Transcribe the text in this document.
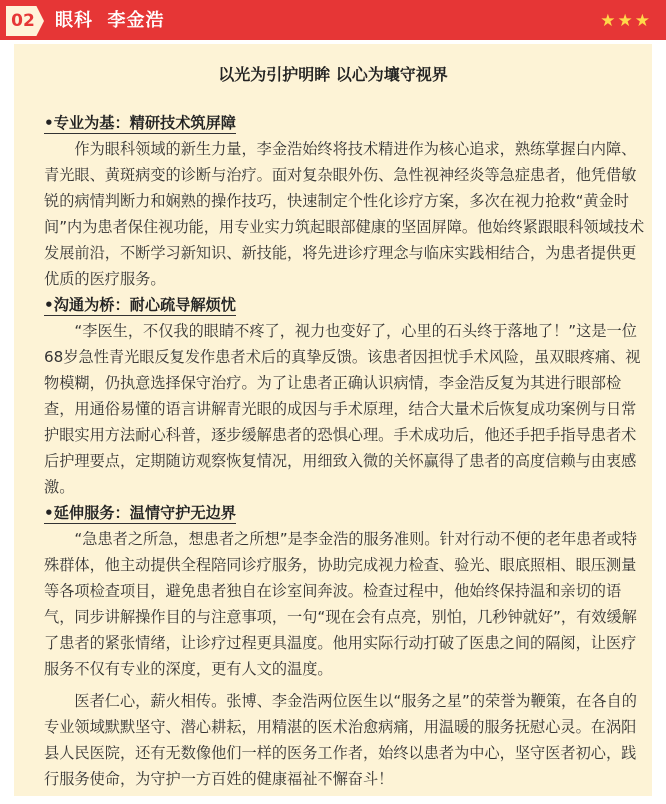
02 眼科  李金浩	★★★
以光为引护明眸 以心为壤守视界

•专业为基：精研技术筑屏障

作为眼科领域的新生力量，李金浩始终将技术精进作为核心追求，熟练掌握白内障、青光眼、黄斑病变的诊断与治疗。面对复杂眼外伤、急性视神经炎等急症患者，他凭借敏锐的病情判断力和娴熟的操作技巧，快速制定个性化诊疗方案，多次在视力抢救“黄金时间”内为患者保住视功能，用专业实力筑起眼部健康的坚固屏障。他始终紧跟眼科领域技术发展前沿，不断学习新知识、新技能，将先进诊疗理念与临床实践相结合，为患者提供更优质的医疗服务。

•沟通为桥：耐心疏导解烦忧

“李医生，不仅我的眼睛不疼了，视力也变好了，心里的石头终于落地了！”这是一位68岁急性青光眼反复发作患者术后的真挚反馈。该患者因担忧手术风险，虽双眼疼痛、视物模糊，仍执意选择保守治疗。为了让患者正确认识病情，李金浩反复为其进行眼部检查，用通俗易懂的语言讲解青光眼的成因与手术原理，结合大量术后恢复成功案例与日常护眼实用方法耐心科普，逐步缓解患者的恐惧心理。手术成功后，他还手把手指导患者术后护理要点，定期随访观察恢复情况，用细致入微的关怀赢得了患者的高度信赖与由衷感激。

•延伸服务：温情守护无边界

“急患者之所急，想患者之所想”是李金浩的服务准则。针对行动不便的老年患者或特殊群体，他主动提供全程陪同诊疗服务，协助完成视力检查、验光、眼底照相、眼压测量等各项检查项目，避免患者独自在诊室间奔波。检查过程中，他始终保持温和亲切的语气，同步讲解操作目的与注意事项，一句“现在会有点亮，别怕，几秒钟就好”，有效缓解了患者的紧张情绪，让诊疗过程更具温度。他用实际行动打破了医患之间的隔阂，让医疗服务不仅有专业的深度，更有人文的温度。

医者仁心，薪火相传。张博、李金浩两位医生以“服务之星”的荣誉为鞭策，在各自的专业领域默默坚守、潜心耕耘，用精湛的医术治愈病痛，用温暖的服务抚慰心灵。在涡阳县人民医院，还有无数像他们一样的医务工作者，始终以患者为中心，坚守医者初心，践行服务使命，为守护一方百姓的健康福祉不懈奋斗！
